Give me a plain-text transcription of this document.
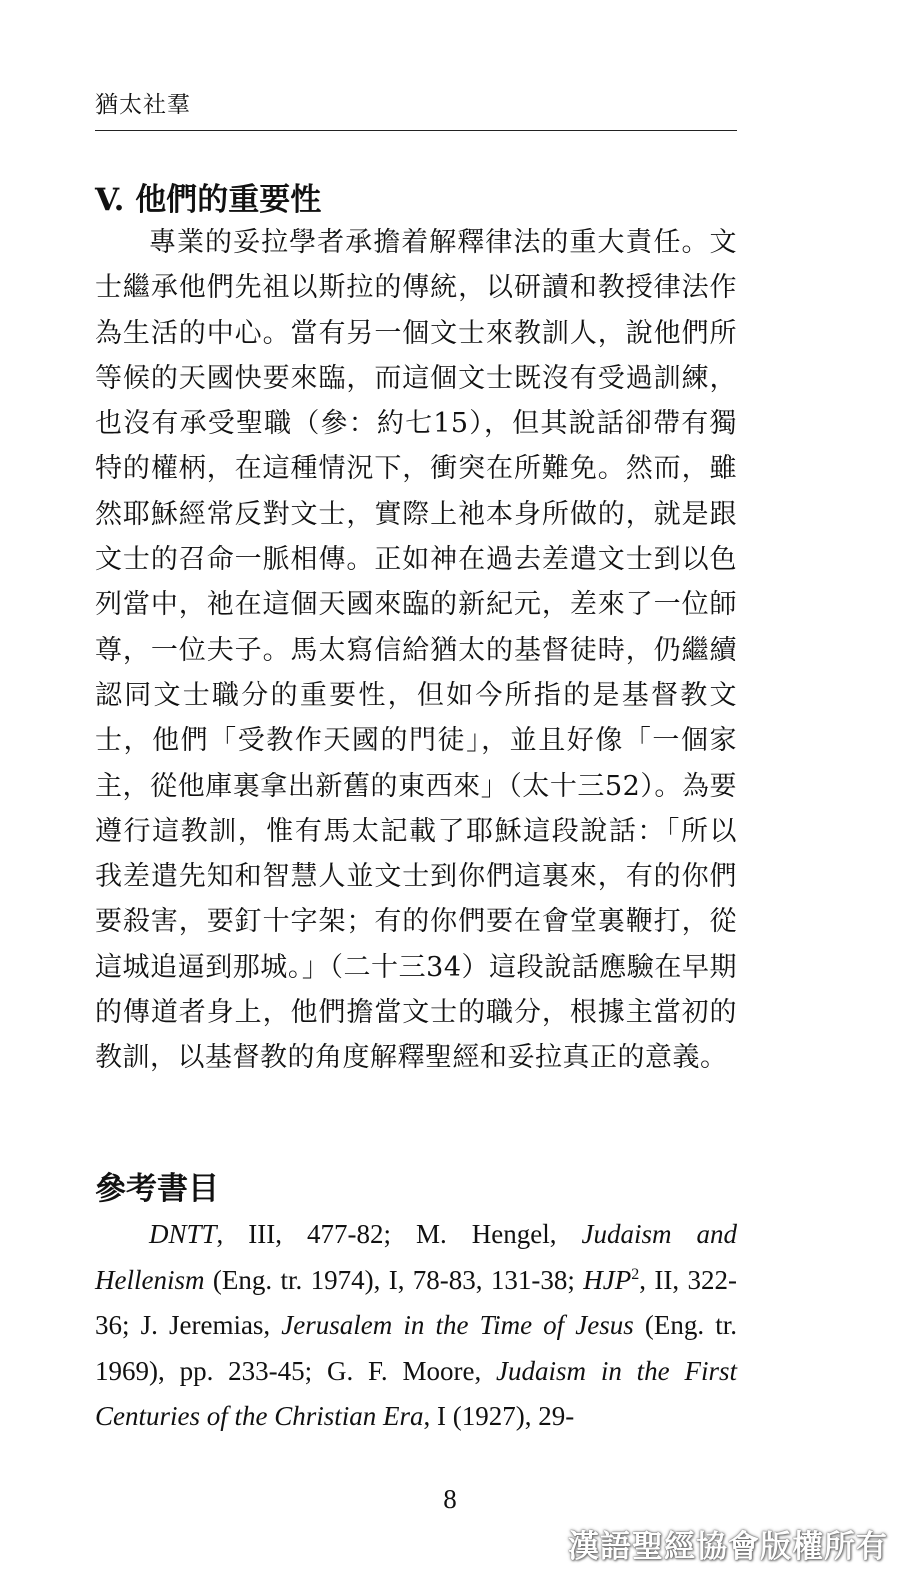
猶太社羣
V. 他們的重要性

專業的妥拉學者承擔着解釋律法的重大責任。文士繼承他們先祖以斯拉的傳統，以研讀和教授律法作為生活的中心。當有另一個文士來教訓人，說他們所等候的天國快要來臨，而這個文士既沒有受過訓練，也沒有承受聖職（參：約七15），但其說話卻帶有獨特的權柄，在這種情況下，衝突在所難免。然而，雖然耶穌經常反對文士，實際上祂本身所做的，就是跟文士的召命一脈相傳。正如神在過去差遣文士到以色列當中，祂在這個天國來臨的新紀元，差來了一位師尊，一位夫子。馬太寫信給猶太的基督徒時，仍繼續認同文士職分的重要性，但如今所指的是基督教文士，他們「受教作天國的門徒」，並且好像「一個家主，從他庫裏拿出新舊的東西來」（太十三52）。為要遵行這教訓，惟有馬太記載了耶穌這段說話：「所以我差遣先知和智慧人並文士到你們這裏來，有的你們要殺害，要釘十字架；有的你們要在會堂裏鞭打，從這城追逼到那城。」（二十三34）這段說話應驗在早期的傳道者身上，他們擔當文士的職分，根據主當初的教訓，以基督教的角度解釋聖經和妥拉真正的意義。

參考書目

DNTT, III, 477-82; M. Hengel, Judaism and Hellenism (Eng. tr. 1974), I, 78-83, 131-38; HJP$^2$, II, 322-36; J. Jeremias, Jerusalem in the Time of Jesus (Eng. tr. 1969), pp. 233-45; G. F. Moore, Judaism in the First Centuries of the Christian Era, I (1927), 29-

8
漢語聖經協會版權所有
